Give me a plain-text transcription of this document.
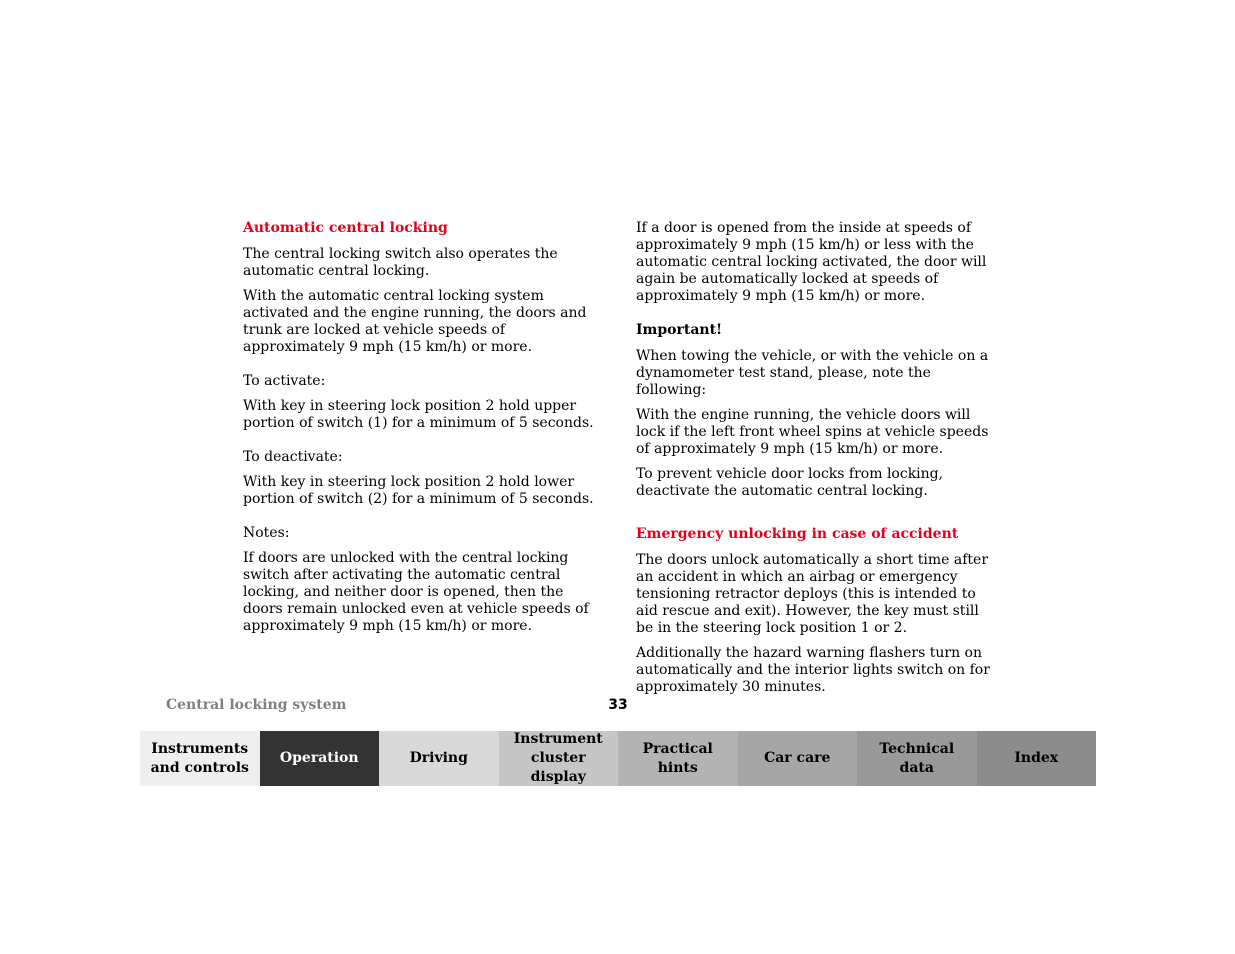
Automatic central locking

The central locking switch also operates the automatic central locking.

With the automatic central locking system activated and the engine running, the doors and trunk are locked at vehicle speeds of approximately 9 mph (15 km/h) or more.

To activate:

With key in steering lock position 2 hold upper portion of switch (1) for a minimum of 5 seconds.

To deactivate:

With key in steering lock position 2 hold lower portion of switch (2) for a minimum of 5 seconds.

Notes:

If doors are unlocked with the central locking switch after activating the automatic central locking, and neither door is opened, then the doors remain unlocked even at vehicle speeds of approximately 9 mph (15 km/h) or more.

If a door is opened from the inside at speeds of approximately 9 mph (15 km/h) or less with the automatic central locking activated, the door will again be automatically locked at speeds of approximately 9 mph (15 km/h) or more.

Important!

When towing the vehicle, or with the vehicle on a dynamometer test stand, please, note the following:

With the engine running, the vehicle doors will lock if the left front wheel spins at vehicle speeds of approximately 9 mph (15 km/h) or more.

To prevent vehicle door locks from locking, deactivate the automatic central locking.

Emergency unlocking in case of accident

The doors unlock automatically a short time after an accident in which an airbag or emergency tensioning retractor deploys (this is intended to aid rescue and exit). However, the key must still be in the steering lock position 1 or 2.

Additionally the hazard warning flashers turn on automatically and the interior lights switch on for approximately 30 minutes.

Central locking system	33
Instruments
and controls
Operation	Driving
Instrument
cluster display
Practical hints
Car care
Technical
data
Index
